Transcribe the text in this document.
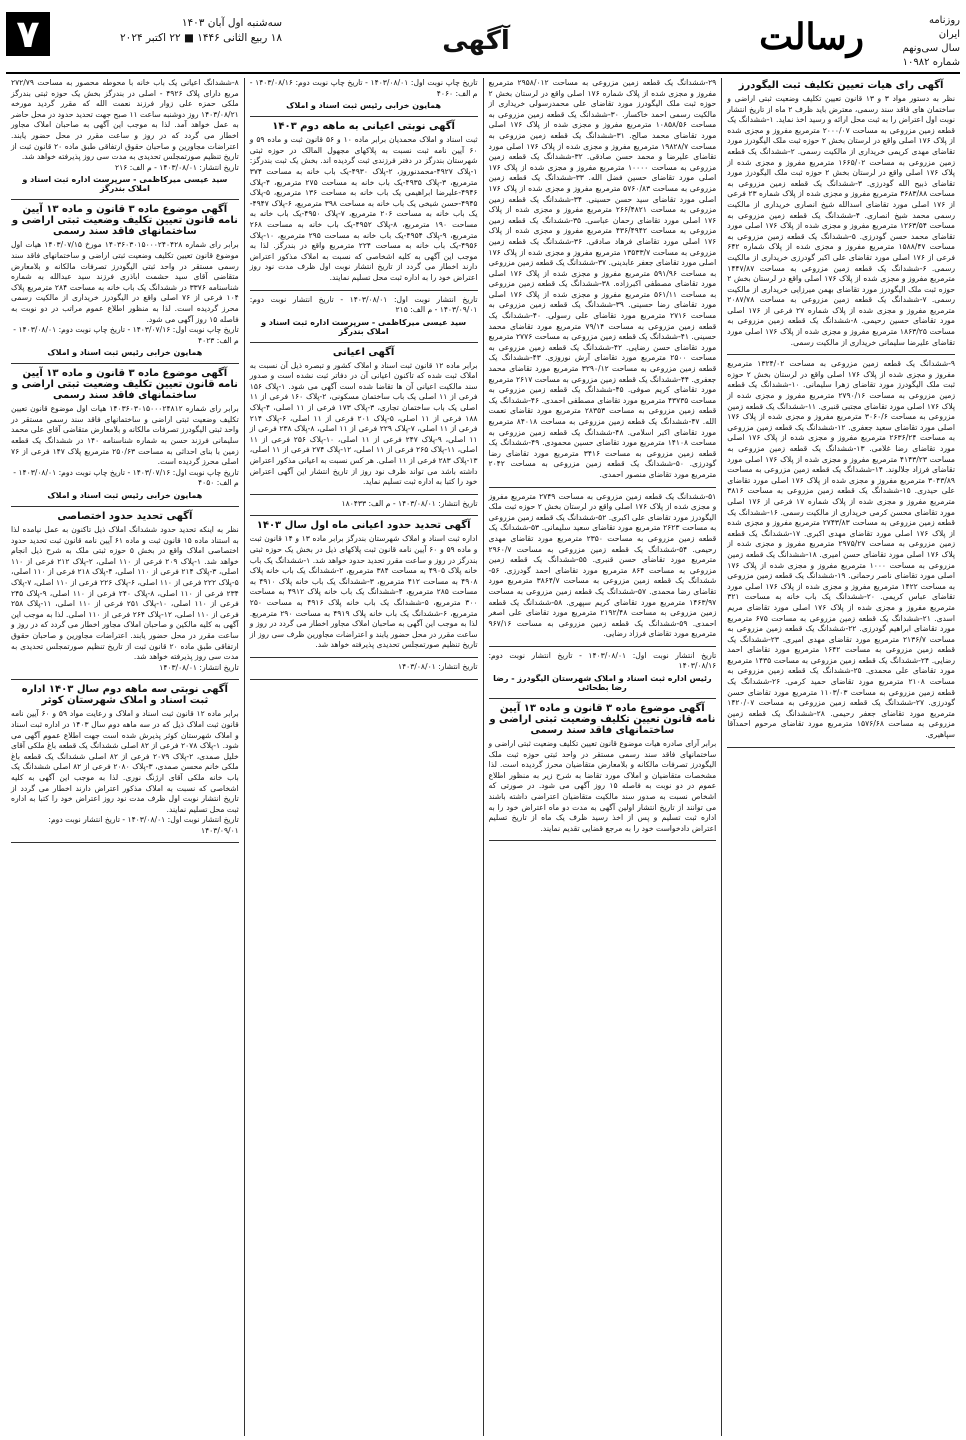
رسالت	روزنامه
ایران
سال سی‌ونهم
شماره ۱۰۹۸۲
آگهی
سه‌شنبه اول آبان ۱۴۰۳
۱۸ ربیع الثانی ۱۴۴۶ ■ ۲۲ اکتبر ۲۰۲۴
۷
آگهی رای هیات تعیین تکلیف ثبت الیگودرز

نظر به دستور مواد ۳ و ۱۳ قانون تعیین تکلیف وضعیت ثبتی اراضی و ساختمان های فاقد سند رسمی، معترض باید ظرف ۲ ماه از تاریخ انتشار نوبت اول اعتراض را به ثبت محل ارائه و رسید اخذ نماید. ۱-ششدانگ یک قطعه زمین مزروعی به مساحت ۲۰۰۰/۰۷ مترمربع مفروز و مجزی شده از پلاک ۱۷۶ اصلی واقع در لرستان بخش ۲ حوزه ثبت ملک الیگودرز مورد تقاضای مهدی کریمی خریداری از مالکیت رسمی. ۲-ششدانگ یک قطعه زمین مزروعی به مساحت ۱۶۶۵/۰۲ مترمربع مفروز و مجزی شده از پلاک ۱۷۶ اصلی واقع در لرستان بخش ۲ حوزه ثبت ملک الیگودرز مورد تقاضای ذبیح الله گودرزی. ۳-ششدانگ یک قطعه زمین مزروعی به مساحت ۳۶۸۳/۸۸ مترمربع مفروز و مجزی شده از پلاک شماره ۲۳ فرعی از ۱۷۶ اصلی مورد تقاضای اسدالله شیخ انصاری خریداری از مالکیت رسمی محمد شیخ انصاری. ۴-ششدانگ یک قطعه زمین مزروعی به مساحت ۱۲۶۳/۵۴ مترمربع مفروز و مجزی شده از پلاک ۱۷۶ اصلی مورد تقاضای محمد حسن گودرزی. ۵-ششدانگ یک قطعه زمین مزروعی به مساحت ۱۵۸۸/۴۷ مترمربع مفروز و مجزی شده از پلاک شماره ۶۴۲ فرعی از ۱۷۶ اصلی مورد تقاضای علی اکبر گودرزی خریداری از مالکیت رسمی. ۶-ششدانگ یک قطعه زمین مزروعی به مساحت ۱۴۴۷/۸۷ مترمربع مفروز و مجزی شده از پلاک ۱۷۶ اصلی واقع در لرستان بخش ۲ حوزه ثبت ملک الیگودرز مورد تقاضای بهمن میرزایی خریداری از مالکیت رسمی. ۷-ششدانگ یک قطعه زمین مزروعی به مساحت ۲۰۸۷/۷۸ مترمربع مفروز و مجزی شده از پلاک شماره ۲۷ فرعی از ۱۷۶ اصلی مورد تقاضای حسین رحیمی. ۸-ششدانگ یک قطعه زمین مزروعی به مساحت ۱۸۶۳/۲۵ مترمربع مفروز و مجزی شده از پلاک ۱۷۶ اصلی مورد تقاضای علیرضا سلیمانی خریداری از مالکیت رسمی.

۹-ششدانگ یک قطعه زمین مزروعی به مساحت ۱۳۲۴/۰۲ مترمربع مفروز و مجزی شده از پلاک ۱۷۶ اصلی واقع در لرستان بخش ۲ حوزه ثبت ملک الیگودرز مورد تقاضای زهرا سلیمانی. ۱۰-ششدانگ یک قطعه زمین مزروعی به مساحت ۲۷۹۰/۱۶ مترمربع مفروز و مجزی شده از پلاک ۱۷۶ اصلی مورد تقاضای مجتبی قنبری. ۱۱-ششدانگ یک قطعه زمین مزروعی به مساحت ۳۰۶۰/۶ مترمربع مفروز و مجزی شده از پلاک ۱۷۶ اصلی مورد تقاضای سعید جعفری. ۱۲-ششدانگ یک قطعه زمین مزروعی به مساحت ۲۶۳۶/۲۴ مترمربع مفروز و مجزی شده از پلاک ۱۷۶ اصلی مورد تقاضای رضا غلامی. ۱۳-ششدانگ یک قطعه زمین مزروعی به مساحت ۴۱۴۳/۲۳ مترمربع مفروز و مجزی شده از پلاک ۱۷۶ اصلی مورد تقاضای فرزاد جلالوند. ۱۴-ششدانگ یک قطعه زمین مزروعی به مساحت ۳۰۴۳/۸۹ مترمربع مفروز و مجزی شده از پلاک ۱۷۶ اصلی مورد تقاضای علی حیدری. ۱۵-ششدانگ یک قطعه زمین مزروعی به مساحت ۳۸۱۶ مترمربع مفروز و مجزی شده از پلاک شماره ۱۷ فرعی از ۱۷۶ اصلی مورد تقاضای محسن کرمی خریداری از مالکیت رسمی. ۱۶-ششدانگ یک قطعه زمین مزروعی به مساحت ۲۷۴۳/۸۳ مترمربع مفروز و مجزی شده از پلاک ۱۷۶ اصلی مورد تقاضای مهدی اکبری. ۱۷-ششدانگ یک قطعه زمین مزروعی به مساحت ۲۹۷۵/۲۷ مترمربع مفروز و مجزی شده از پلاک ۱۷۶ اصلی مورد تقاضای حسن امیری. ۱۸-ششدانگ یک قطعه زمین مزروعی به مساحت ۱۰۰۰ مترمربع مفروز و مجزی شده از پلاک ۱۷۶ اصلی مورد تقاضای ناصر رحمانی. ۱۹-ششدانگ یک قطعه زمین مزروعی به مساحت ۱۴۲۲ مترمربع مفروز و مجزی شده از پلاک ۱۷۶ اصلی مورد تقاضای عباس کریمی. ۲۰-ششدانگ یک باب خانه به مساحت ۳۲۱ مترمربع مفروز و مجزی شده از پلاک ۱۷۶ اصلی مورد تقاضای مریم اسدی. ۲۱-ششدانگ یک قطعه زمین مزروعی به مساحت ۶۷۵ مترمربع مورد تقاضای ابراهیم گودرزی. ۲۲-ششدانگ یک قطعه زمین مزروعی به مساحت ۲۱۳۶/۷ مترمربع مورد تقاضای مهدی امیری. ۲۳-ششدانگ یک قطعه زمین مزروعی به مساحت ۱۶۴۲ مترمربع مورد تقاضای احمد رضایی. ۲۴-ششدانگ یک قطعه زمین مزروعی به مساحت ۱۴۳۵ مترمربع مورد تقاضای علی محمدی. ۲۵-ششدانگ یک قطعه زمین مزروعی به مساحت ۲۱۰۸ مترمربع مورد تقاضای حمید کرمی. ۲۶-ششدانگ یک قطعه زمین مزروعی به مساحت ۱۱۰۳/۰۳ مترمربع مورد تقاضای حسن گودرزی. ۲۷-ششدانگ یک قطعه زمین مزروعی به مساحت ۱۴۲۰/۰۷ مترمربع مورد تقاضای جعفر رحیمی. ۲۸-ششدانگ یک قطعه زمین مزروعی به مساحت ۱۵۷۶/۶۸ مترمربع مورد تقاضای مرحوم احمدآقا سپاهیری.

۲۹-ششدانگ یک قطعه زمین مزروعی به مساحت ۲۹۵۸/۰۱۲ مترمربع مفروز و مجزی شده از پلاک شماره ۱۷۶ اصلی واقع در لرستان بخش ۲ حوزه ثبت ملک الیگودرز مورد تقاضای علی محمدرسولی خریداری از مالکیت رسمی احمد خاکسار. ۳۰-ششدانگ یک قطعه زمین مزروعی به مساحت ۱۰۸۵۸/۵۶ مترمربع مفروز و مجزی شده از پلاک ۱۷۶ اصلی مورد تقاضای محمد صالح. ۳۱-ششدانگ یک قطعه زمین مزروعی به مساحت ۱۹۸۲۸/۷ مترمربع مفروز و مجزی شده از پلاک ۱۷۶ اصلی مورد تقاضای علیرضا و محمد حسن صادقی. ۳۲-ششدانگ یک قطعه زمین مزروعی به مساحت ۱۰۰۰۰ مترمربع مفروز و مجزی شده از پلاک ۱۷۶ اصلی مورد تقاضای حسین فضل الله. ۳۳-ششدانگ یک قطعه زمین مزروعی به مساحت ۵۷۶۰/۸۳ مترمربع مفروز و مجزی شده از پلاک ۱۷۶ اصلی مورد تقاضای سید حسن حسینی. ۳۴-ششدانگ یک قطعه زمین مزروعی به مساحت ۲۶۶/۴۸۲۱ مترمربع مفروز و مجزی شده از پلاک ۱۷۶ اصلی مورد تقاضای رحمان عباسی. ۳۵-ششدانگ یک قطعه زمین مزروعی به مساحت ۴۳۶/۴۹۴۲ مترمربع مفروز و مجزی شده از پلاک ۱۷۶ اصلی مورد تقاضای فرهاد صادقی. ۳۶-ششدانگ یک قطعه زمین مزروعی به مساحت ۱۳۵۳۳/۷ مترمربع مفروز و مجزی شده از پلاک ۱۷۶ اصلی مورد تقاضای جعفر عابدینی. ۳۷-ششدانگ یک قطعه زمین مزروعی به مساحت ۵۹۱/۹۶ مترمربع مفروز و مجزی شده از پلاک ۱۷۶ اصلی مورد تقاضای مصطفی اکبرزاده. ۳۸-ششدانگ یک قطعه زمین مزروعی به مساحت ۵۶۱/۱۱ مترمربع مفروز و مجزی شده از پلاک ۱۷۶ اصلی مورد تقاضای رضا حسینی. ۳۹-ششدانگ یک قطعه زمین مزروعی به مساحت ۲۷۱۶ مترمربع مورد تقاضای علی رسولی. ۴۰-ششدانگ یک قطعه زمین مزروعی به مساحت ۷۹/۱۴ مترمربع مورد تقاضای محمد حسینی. ۴۱-ششدانگ یک قطعه زمین مزروعی به مساحت ۲۷۷۶ مترمربع مورد تقاضای حسن رضایی. ۴۲-ششدانگ یک قطعه زمین مزروعی به مساحت ۲۵۰۰ مترمربع مورد تقاضای آرش نوروزی. ۴۳-ششدانگ یک قطعه زمین مزروعی به مساحت ۳۲۹۰/۱۲ مترمربع مورد تقاضای محمد جعفری. ۴۴-ششدانگ یک قطعه زمین مزروعی به مساحت ۲۶۱۷ مترمربع مورد تقاضای کریم صوفی. ۴۵-ششدانگ یک قطعه زمین مزروعی به مساحت ۴۳۷۳۵ مترمربع مورد تقاضای مصطفی احمدی. ۴۶-ششدانگ یک قطعه زمین مزروعی به مساحت ۲۸۳۵۳ مترمربع مورد تقاضای نعمت الله. ۴۷-ششدانگ یک قطعه زمین مزروعی به مساحت ۸۴۰۱۸ مترمربع مورد تقاضای اکبر اسلامی. ۴۸-ششدانگ یک قطعه زمین مزروعی به مساحت ۱۴۱۰۸ مترمربع مورد تقاضای حسین محمودی. ۴۹-ششدانگ یک قطعه زمین مزروعی به مساحت ۳۴۱۶ مترمربع مورد تقاضای رضا گودرزی. ۵۰-ششدانگ یک قطعه زمین مزروعی به مساحت ۲۰۴۲ مترمربع مورد تقاضای منصور احمدی.

۵۱-ششدانگ یک قطعه زمین مزروعی به مساحت ۲۷۴۹ مترمربع مفروز و مجزی شده از پلاک ۱۷۶ اصلی واقع در لرستان بخش ۲ حوزه ثبت ملک الیگودرز مورد تقاضای علی اکبری. ۵۲-ششدانگ یک قطعه زمین مزروعی به مساحت ۲۶۲۳ مترمربع مورد تقاضای سعید سلیمانی. ۵۳-ششدانگ یک قطعه زمین مزروعی به مساحت ۲۳۵۰ مترمربع مورد تقاضای مهدی رحیمی. ۵۴-ششدانگ یک قطعه زمین مزروعی به مساحت ۲۹۶۰/۷ مترمربع مورد تقاضای حسن قنبری. ۵۵-ششدانگ یک قطعه زمین مزروعی به مساحت ۸۶۴ مترمربع مورد تقاضای احمد گودرزی. ۵۶-ششدانگ یک قطعه زمین مزروعی به مساحت ۳۸۶۴/۷ مترمربع مورد تقاضای رضا محمدی. ۵۷-ششدانگ یک قطعه زمین مزروعی به مساحت ۱۴۶۳/۹۷ مترمربع مورد تقاضای کریم سپهری. ۵۸-ششدانگ یک قطعه زمین مزروعی به مساحت ۲۱۹۲/۴۸ مترمربع مورد تقاضای علی اصغر احمدی. ۵۹-ششدانگ یک قطعه زمین مزروعی به مساحت ۹۶۷/۱۶ مترمربع مورد تقاضای فرزاد رضایی.

تاریخ انتشار نوبت اول: ۱۴۰۳/۰۸/۰۱ - تاریخ انتشار نوبت دوم: ۱۴۰۳/۰۸/۱۶

رئیس اداره ثبت اسناد و املاک شهرستان الیگودرز - رضا رضا بطحائی
آگهی موضوع ماده ۳ قانون و ماده ۱۳ آیین نامه قانون تعیین تکلیف وضعیت ثبتی اراضی و ساختمانهای فاقد سند رسمی

برابر آرای صادره هیات موضوع قانون تعیین تکلیف وضعیت ثبتی اراضی و ساختمانهای فاقد سند رسمی مستقر در واحد ثبتی حوزه ثبت ملک الیگودرز تصرفات مالکانه و بلامعارض متقاضیان محرز گردیده است. لذا مشخصات متقاضیان و املاک مورد تقاضا به شرح زیر به منظور اطلاع عموم در دو نوبت به فاصله ۱۵ روز آگهی می شود. در صورتی که اشخاص نسبت به صدور سند مالکیت متقاضیان اعتراضی داشته باشند می توانند از تاریخ انتشار اولین آگهی به مدت دو ماه اعتراض خود را به اداره ثبت تسلیم و پس از اخذ رسید ظرف یک ماه از تاریخ تسلیم اعتراض دادخواست خود را به مرجع قضایی تقدیم نمایند.

تاریخ چاپ نوبت اول: ۱۴۰۳/۰۸/۰۱ - تاریخ چاپ نوبت دوم: ۱۴۰۳/۰۸/۱۶ - م الف: ۴۰۶۰

همایون خرابی رئیس ثبت اسناد و املاک
آگهی نوبتی اعیانی به ماهه دوم ۱۴۰۳

ثبت اسناد و املاک محمدیان برابر ماده ۱۰ و ۵۶ قانون ثبت و ماده ۵۹ و ۶۰ آیین نامه ثبت نسبت به پلاکهای مجهول المالک در حوزه ثبتی شهرستان بندرگز در دفتر فرزندی ثبت گردیده اند. بخش یک ثبت بندرگز: ۱-پلاک ۴۹۲۷-محمدنوروز، ۲-پلاک ۴۹۳۰-یک باب خانه به مساحت ۳۷۴ مترمربع، ۳-پلاک ۴۹۳۵-یک باب خانه به مساحت ۲۷۵ مترمربع، ۴-پلاک ۴۹۴۶-علیرضا ابراهیمی یک باب خانه به مساحت ۱۳۶ مترمربع، ۵-پلاک ۴۹۴۵-حسن شیخی یک باب خانه به مساحت ۳۹۸ مترمربع، ۶-پلاک ۴۹۴۷-یک باب خانه به مساحت ۲۰۶ مترمربع، ۷-پلاک ۴۹۵۰-یک باب خانه به مساحت ۱۹۰ مترمربع، ۸-پلاک ۴۹۵۲-یک باب خانه به مساحت ۲۶۸ مترمربع، ۹-پلاک ۴۹۵۴-یک باب خانه به مساحت ۲۹۵ مترمربع، ۱۰-پلاک ۴۹۵۶-یک باب خانه به مساحت ۲۲۴ مترمربع واقع در بندرگز. لذا به موجب این آگهی به کلیه اشخاصی که نسبت به املاک مذکور اعتراض دارند اخطار می گردد از تاریخ انتشار نوبت اول ظرف مدت نود روز اعتراض خود را به اداره ثبت محل تسلیم نمایند.

تاریخ انتشار نوبت اول: ۱۴۰۳/۰۸/۰۱ - تاریخ انتشار نوبت دوم: ۱۴۰۳/۰۹/۰۱ - م الف: ۲۱۵

سید عیسی میرکاظمی - سرپرست اداره ثبت اسناد و املاک بندرگز
آگهی اعیانی

برابر ماده ۱۲ قانون ثبت اسناد و املاک کشور و تبصره ذیل آن نسبت به املاک ثبت شده که تاکنون اعیانی آن در دفاتر ثبت نشده است و صدور سند مالکیت اعیانی آن ها تقاضا شده است آگهی می شود. ۱-پلاک ۱۵۶ فرعی از ۱۱ اصلی یک باب ساختمان مسکونی، ۲-پلاک ۱۶۰ فرعی از ۱۱ اصلی یک باب ساختمان تجاری، ۳-پلاک ۱۷۳ فرعی از ۱۱ اصلی، ۴-پلاک ۱۸۸ فرعی از ۱۱ اصلی، ۵-پلاک ۲۰۱ فرعی از ۱۱ اصلی، ۶-پلاک ۲۱۴ فرعی از ۱۱ اصلی، ۷-پلاک ۲۲۹ فرعی از ۱۱ اصلی، ۸-پلاک ۲۳۸ فرعی از ۱۱ اصلی، ۹-پلاک ۲۴۷ فرعی از ۱۱ اصلی، ۱۰-پلاک ۲۵۶ فرعی از ۱۱ اصلی، ۱۱-پلاک ۲۶۵ فرعی از ۱۱ اصلی، ۱۲-پلاک ۲۷۴ فرعی از ۱۱ اصلی، ۱۳-پلاک ۲۸۳ فرعی از ۱۱ اصلی. هر کس نسبت به اعیانی مذکور اعتراض داشته باشد می تواند ظرف نود روز از تاریخ انتشار این آگهی اعتراض خود را کتبا به اداره ثبت تسلیم نماید.

تاریخ انتشار: ۱۴۰۳/۰۸/۰۱ - م الف: ۱۸۰۴۳۳

آگهی تحدید حدود اعیانی ماه اول سال ۱۴۰۳

اداره ثبت اسناد و املاک شهرستان بندرگز برابر ماده ۱۳ و ۱۴ قانون ثبت و ماده ۵۹ و ۶۰ آیین نامه قانون ثبت پلاکهای ذیل در بخش یک حوزه ثبتی بندرگز در روز و ساعت مقرر تحدید حدود خواهد شد. ۱-ششدانگ یک باب خانه پلاک ۴۹۰۵ به مساحت ۳۸۴ مترمربع، ۲-ششدانگ یک باب خانه پلاک ۴۹۰۸ به مساحت ۴۱۲ مترمربع، ۳-ششدانگ یک باب خانه پلاک ۴۹۱۰ به مساحت ۲۸۵ مترمربع، ۴-ششدانگ یک باب خانه پلاک ۴۹۱۲ به مساحت ۳۰۰ مترمربع، ۵-ششدانگ یک باب خانه پلاک ۴۹۱۶ به مساحت ۲۵۰ مترمربع، ۶-ششدانگ یک باب خانه پلاک ۴۹۱۹ به مساحت ۲۹۰ مترمربع. لذا به موجب این آگهی به صاحبان املاک مجاور اخطار می گردد در روز و ساعت مقرر در محل حضور یابند و اعتراضات مجاورین ظرف سی روز از تاریخ تنظیم صورتمجلس تحدیدی پذیرفته خواهد شد.

تاریخ انتشار: ۱۴۰۳/۰۸/۰۱

۸-ششدانگ اعیانی یک باب خانه با محوطه محصور به مساحت ۲۷۲/۷۹ مربع دارای پلاک ۴۹۲۶ - اصلی در بندرگز بخش یک حوزه ثبتی بندرگز ملکی حمزه علی زوار فرزند نعمت الله که مقرر گردید مورخه ۱۴۰۳/۰۸/۲۱ روز دوشنبه ساعت ۱۱ صبح جهت تحدید حدود در محل حاضر به عمل خواهد آمد. لذا به موجب این آگهی به صاحبان املاک مجاور اخطار می گردد که در روز و ساعت مقرر در محل حضور یابند. اعتراضات مجاورین و صاحبان حقوق ارتفاقی طبق ماده ۲۰ قانون ثبت از تاریخ تنظیم صورتمجلس تحدیدی به مدت سی روز پذیرفته خواهد شد.

تاریخ انتشار: ۱۴۰۳/۰۸/۰۱ - م الف: ۲۱۶
سید عیسی میرکاظمی - سرپرست اداره ثبت اسناد و املاک بندرگز
آگهی موضوع ماده ۳ قانون و ماده ۱۳ آیین نامه قانون تعیین تکلیف وضعیت ثبتی اراضی و ساختمانهای فاقد سند رسمی

برابر رای شماره ۱۴۰۳۶۰۳۰۱۵۰۰۰۲۴۰۴۲۸ مورخ ۱۴۰۳/۰۷/۱۵ هیات اول موضوع قانون تعیین تکلیف وضعیت ثبتی اراضی و ساختمانهای فاقد سند رسمی مستقر در واحد ثبتی الیگودرز تصرفات مالکانه و بلامعارض متقاضی آقای سید حشمت اباذری فرزند سید عبدالله به شماره شناسنامه ۳۳۷۶ در ششدانگ یک باب خانه به مساحت ۲۸۴ مترمربع پلاک ۱۰۴ فرعی از ۷۶ اصلی واقع در الیگودرز خریداری از مالکیت رسمی محرز گردیده است. لذا به منظور اطلاع عموم مراتب در دو نوبت به فاصله ۱۵ روز آگهی می شود.

تاریخ چاپ نوبت اول: ۱۴۰۳/۰۷/۱۶ - تاریخ چاپ نوبت دوم: ۱۴۰۳/۰۸/۰۱ - م الف: ۴۰۲۳
همایون خرابی رئیس ثبت اسناد و املاک
آگهی موضوع ماده ۳ قانون و ماده ۱۳ آیین نامه قانون تعیین تکلیف وضعیت ثبتی اراضی و ساختمانهای فاقد سند رسمی

برابر رای شماره ۱۴۰۳۶۰۳۰۱۵۰۰۰۲۴۸۱۲ هیات اول موضوع قانون تعیین تکلیف وضعیت ثبتی اراضی و ساختمانهای فاقد سند رسمی مستقر در واحد ثبتی الیگودرز تصرفات مالکانه و بلامعارض متقاضی آقای علی محمد سلیمانی فرزند حسن به شماره شناسنامه ۱۴۰ در ششدانگ یک قطعه زمین با بنای احداثی به مساحت ۲۵۰/۶۳ مترمربع پلاک ۱۴۷ فرعی از ۷۶ اصلی محرز گردیده است.

تاریخ چاپ نوبت اول: ۱۴۰۳/۰۷/۱۶ - تاریخ چاپ نوبت دوم: ۱۴۰۳/۰۸/۰۱ - م الف: ۴۰۵۰
همایون خرابی رئیس ثبت اسناد و املاک
آگهی تحدید حدود اختصاصی

نظر به اینکه تحدید حدود ششدانگ املاک ذیل تاکنون به عمل نیامده لذا به استناد ماده ۱۵ قانون ثبت و ماده ۶۱ آیین نامه قانون ثبت تحدید حدود اختصاصی املاک واقع در بخش ۵ حوزه ثبتی ملک به شرح ذیل انجام خواهد شد. ۱-پلاک ۲۰۹ فرعی از ۱۱۰ اصلی، ۲-پلاک ۲۱۲ فرعی از ۱۱۰ اصلی، ۳-پلاک ۲۱۴ فرعی از ۱۱۰ اصلی، ۴-پلاک ۲۱۸ فرعی از ۱۱۰ اصلی، ۵-پلاک ۲۲۲ فرعی از ۱۱۰ اصلی، ۶-پلاک ۲۲۶ فرعی از ۱۱۰ اصلی، ۷-پلاک ۲۳۴ فرعی از ۱۱۰ اصلی، ۸-پلاک ۲۴۰ فرعی از ۱۱۰ اصلی، ۹-پلاک ۲۴۵ فرعی از ۱۱۰ اصلی، ۱۰-پلاک ۲۵۱ فرعی از ۱۱۰ اصلی، ۱۱-پلاک ۲۵۸ فرعی از ۱۱۰ اصلی، ۱۲-پلاک ۲۶۴ فرعی از ۱۱۰ اصلی. لذا به موجب این آگهی به کلیه مالکین و صاحبان املاک مجاور اخطار می گردد که در روز و ساعت مقرر در محل حضور یابند. اعتراضات مجاورین و صاحبان حقوق ارتفاقی طبق ماده ۲۰ قانون ثبت از تاریخ تنظیم صورتمجلس تحدیدی به مدت سی روز پذیرفته خواهد شد.

تاریخ انتشار: ۱۴۰۳/۰۸/۰۱
آگهی نوبتی سه ماهه دوم سال ۱۴۰۳ اداره ثبت اسناد و املاک شهرستان کوثر

برابر ماده ۱۲ قانون ثبت اسناد و املاک و رعایت مواد ۵۹ و ۶۰ آیین نامه قانون ثبت املاک ذیل که در سه ماهه دوم سال ۱۴۰۳ در اداره ثبت اسناد و املاک شهرستان کوثر پذیرش شده است جهت اطلاع عموم آگهی می شود. ۱-پلاک ۲۰۷۸ فرعی از ۸۲ اصلی ششدانگ یک قطعه باغ ملکی آقای خلیل صمدی، ۲-پلاک ۲۰۷۹ فرعی از ۸۲ اصلی ششدانگ یک قطعه باغ ملکی خانم محسن صمدی، ۳-پلاک ۲۰۸۰ فرعی از ۸۲ اصلی ششدانگ یک باب خانه ملکی آقای ارژنگ نوری. لذا به موجب این آگهی به کلیه اشخاصی که نسبت به املاک مذکور اعتراض دارند اخطار می گردد از تاریخ انتشار نوبت اول ظرف مدت نود روز اعتراض خود را کتبا به اداره ثبت محل تسلیم نمایند.

تاریخ انتشار نوبت اول: ۱۴۰۳/۰۸/۰۱ - تاریخ انتشار نوبت دوم: ۱۴۰۳/۰۹/۰۱
